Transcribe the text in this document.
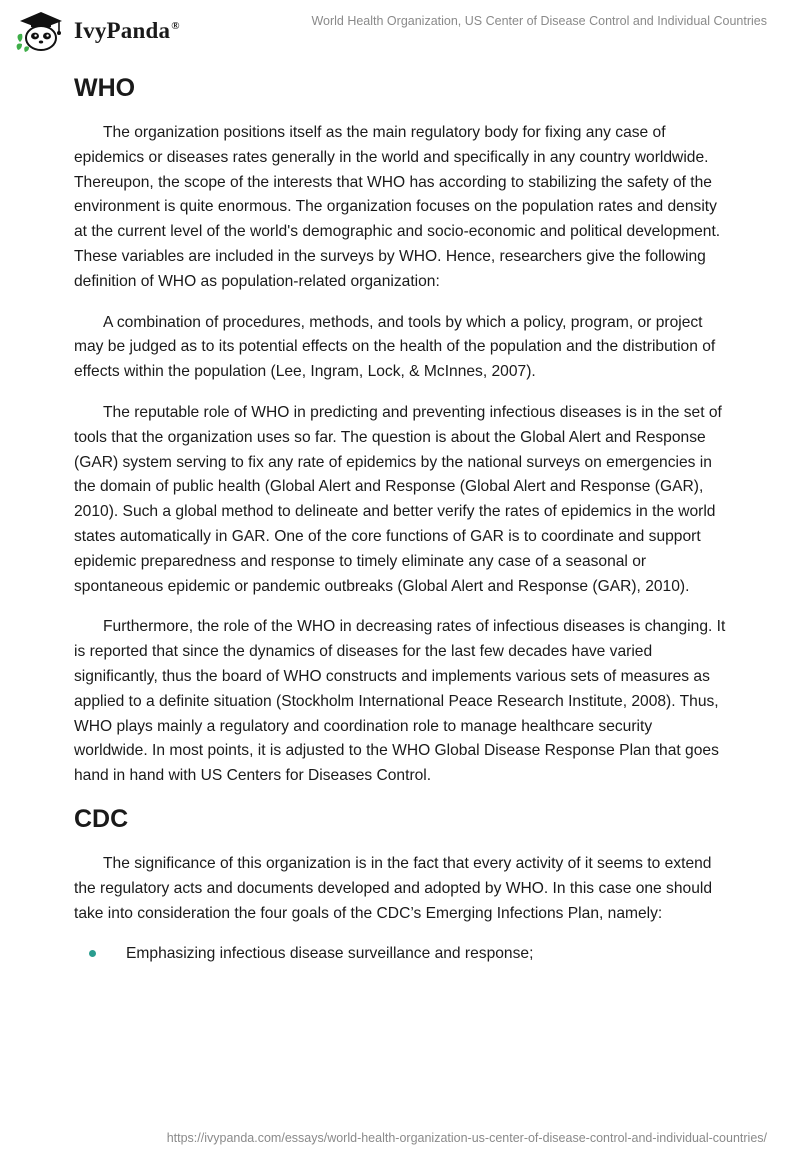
IvyPanda®	World Health Organization, US Center of Disease Control and Individual Countries
WHO

The organization positions itself as the main regulatory body for fixing any case of epidemics or diseases rates generally in the world and specifically in any country worldwide. Thereupon, the scope of the interests that WHO has according to stabilizing the safety of the environment is quite enormous. The organization focuses on the population rates and density at the current level of the world's demographic and socio-economic and political development. These variables are included in the surveys by WHO. Hence, researchers give the following definition of WHO as population-related organization:

A combination of procedures, methods, and tools by which a policy, program, or project may be judged as to its potential effects on the health of the population and the distribution of effects within the population (Lee, Ingram, Lock, & McInnes, 2007).

The reputable role of WHO in predicting and preventing infectious diseases is in the set of tools that the organization uses so far. The question is about the Global Alert and Response (GAR) system serving to fix any rate of epidemics by the national surveys on emergencies in the domain of public health (Global Alert and Response (Global Alert and Response (GAR), 2010). Such a global method to delineate and better verify the rates of epidemics in the world states automatically in GAR. One of the core functions of GAR is to coordinate and support epidemic preparedness and response to timely eliminate any case of a seasonal or spontaneous epidemic or pandemic outbreaks (Global Alert and Response (GAR), 2010).

Furthermore, the role of the WHO in decreasing rates of infectious diseases is changing. It is reported that since the dynamics of diseases for the last few decades have varied significantly, thus the board of WHO constructs and implements various sets of measures as applied to a definite situation (Stockholm International Peace Research Institute, 2008). Thus, WHO plays mainly a regulatory and coordination role to manage healthcare security worldwide. In most points, it is adjusted to the WHO Global Disease Response Plan that goes hand in hand with US Centers for Diseases Control.

CDC

The significance of this organization is in the fact that every activity of it seems to extend the regulatory acts and documents developed and adopted by WHO. In this case one should take into consideration the four goals of the CDC’s Emerging Infections Plan, namely:

Emphasizing infectious disease surveillance and response;
https://ivypanda.com/essays/world-health-organization-us-center-of-disease-control-and-individual-countries/
